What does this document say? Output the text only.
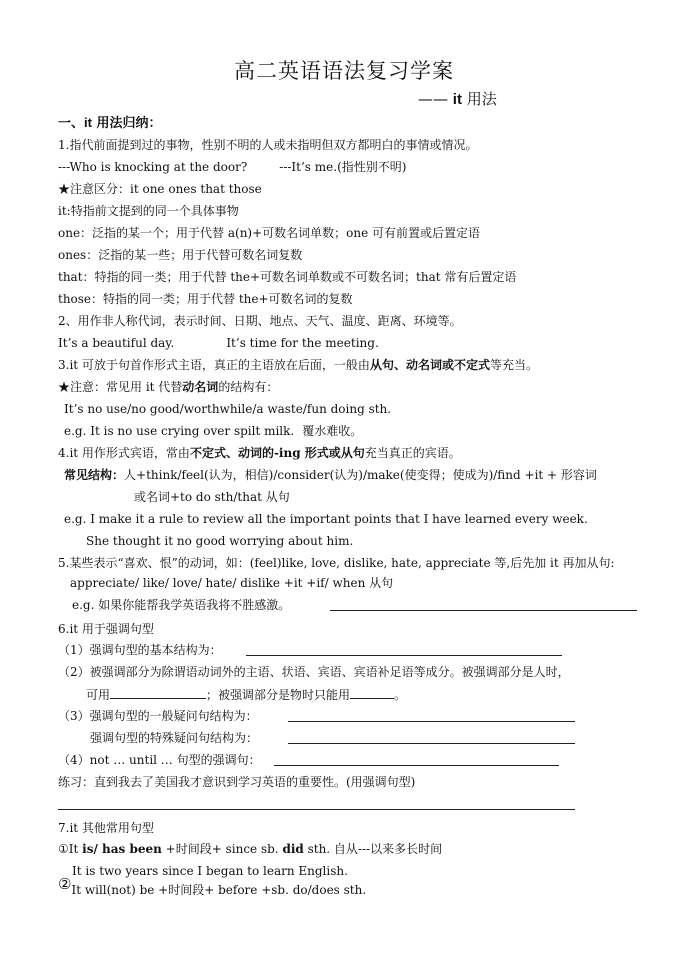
高二英语语法复习学案
—— it 用法
一、it 用法归纳：
1.指代前面提到过的事物，性别不明的人或未指明但双方都明白的事情或情况。
---Who is knocking at the door?	---It’s me.(指性别不明)
★注意区分：it one ones that those
it:特指前文提到的同一个具体事物
one：泛指的某一个；用于代替 a(n)+可数名词单数；one 可有前置或后置定语
ones：泛指的某一些；用于代替可数名词复数
that：特指的同一类；用于代替 the+可数名词单数或不可数名词；that 常有后置定语
those：特指的同一类；用于代替 the+可数名词的复数
2、用作非人称代词，表示时间、日期、地点、天气、温度、距离、环境等。
It’s a beautiful day.	It’s time for the meeting.
3.it 可放于句首作形式主语，真正的主语放在后面，一般由从句、动名词或不定式等充当。
★注意：常见用 it 代替动名词的结构有：
It’s no use/no good/worthwhile/a waste/fun doing sth.
e.g. It is no use crying over spilt milk. 覆水难收。
4.it 用作形式宾语，常由不定式、动词的-ing 形式或从句充当真正的宾语。
常见结构：人+think/feel(认为，相信)/consider(认为)/make(使变得；使成为)/find +it + 形容词
或名词+to do sth/that 从句
e.g. I make it a rule to review all the important points that I have learned every week.
She thought it no good worrying about him.
5.某些表示“喜欢、恨”的动词，如：(feel)like, love, dislike, hate, appreciate 等,后先加 it 再加从句:
appreciate/ like/ love/ hate/ dislike +it +if/ when 从句
e.g. 如果你能帮我学英语我将不胜感激。
6.it 用于强调句型
（1）强调句型的基本结构为：
（2）被强调部分为除谓语动词外的主语、状语、宾语、宾语补足语等成分。被强调部分是人时，
可用	；被强调部分是物时只能用	。
（3）强调句型的一般疑问句结构为：
强调句型的特殊疑问句结构为：
（4）not … until … 句型的强调句：
练习：直到我去了美国我才意识到学习英语的重要性。(用强调句型)
7.it 其他常用句型
①It is/ has been +时间段+ since sb. did sth. 自从---以来多长时间
It is two years since I began to learn English.
②It will(not) be +时间段+ before +sb. do/does sth.
